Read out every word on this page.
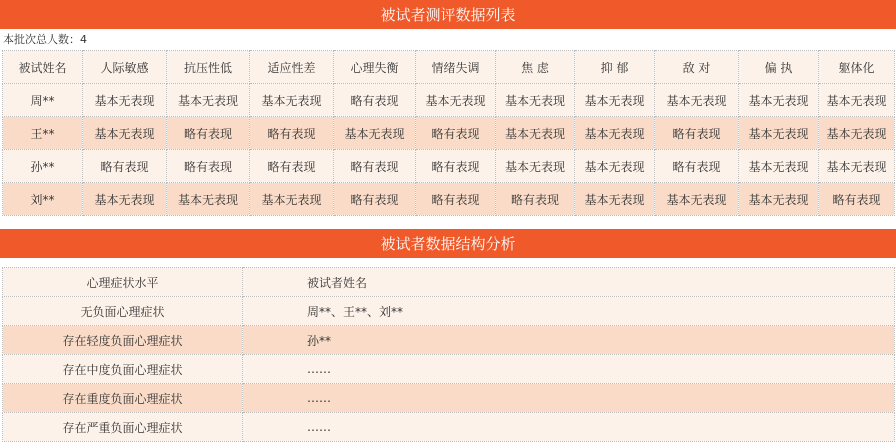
被试者测评数据列表
本批次总人数：4
被试姓名	人际敏感	抗压性低	适应性差	心理失衡	情绪失调	焦 虑	抑 郁	敌 对	偏 执	躯体化
周**	基本无表现	基本无表现	基本无表现	略有表现	基本无表现	基本无表现	基本无表现	基本无表现	基本无表现	基本无表现
王**	基本无表现	略有表现	略有表现	基本无表现	略有表现	基本无表现	基本无表现	略有表现	基本无表现	基本无表现
孙**	略有表现	略有表现	略有表现	略有表现	略有表现	基本无表现	基本无表现	略有表现	基本无表现	基本无表现
刘**	基本无表现	基本无表现	基本无表现	略有表现	略有表现	略有表现	基本无表现	基本无表现	基本无表现	略有表现
被试者数据结构分析
心理症状水平	被试者姓名
无负面心理症状	周**、王**、刘**
存在轻度负面心理症状	孙**
存在中度负面心理症状	……
存在重度负面心理症状	……
存在严重负面心理症状	……
